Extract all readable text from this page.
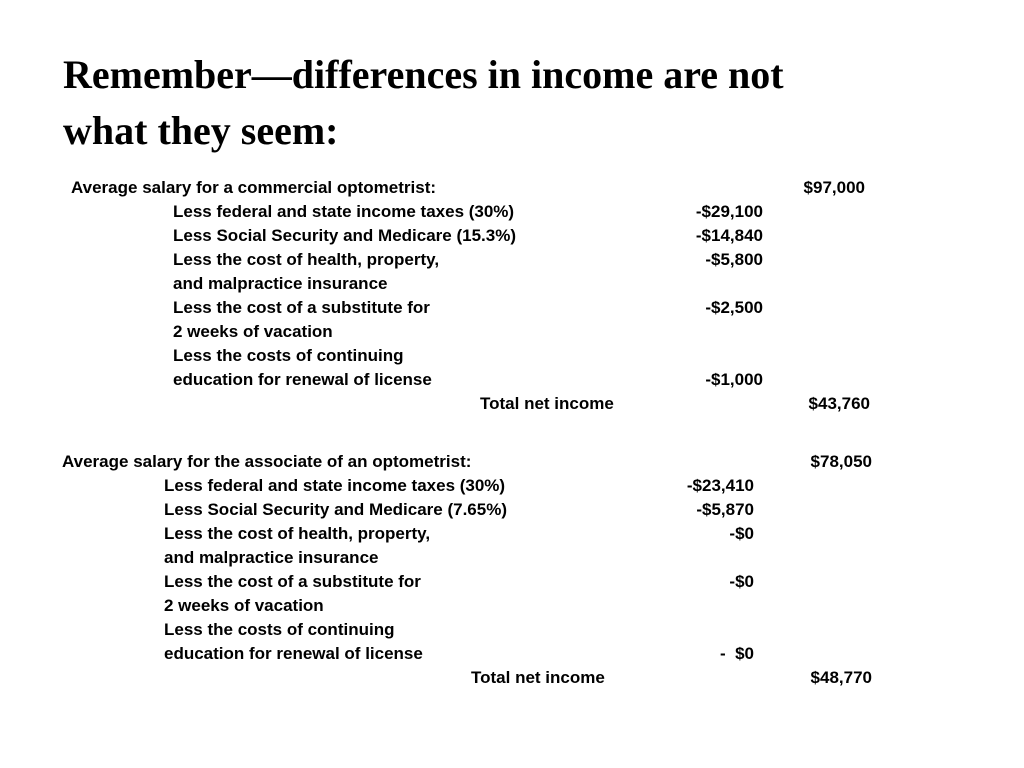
Remember—differences in income are not
what they seem:
Average salary for a commercial optometrist:	$97,000
Less federal and state income taxes (30%)	-$29,100
Less Social Security and Medicare (15.3%)	-$14,840
Less the cost of health, property,	-$5,800
and malpractice insurance
Less the cost of a substitute for	-$2,500
2 weeks of vacation
Less the costs of continuing
education for renewal of license	-$1,000
Total net income	$43,760
Average salary for the associate of an optometrist:	$78,050
Less federal and state income taxes (30%)	-$23,410
Less Social Security and Medicare (7.65%)	-$5,870
Less the cost of health, property,	-$0
and malpractice insurance
Less the cost of a substitute for	-$0
2 weeks of vacation
Less the costs of continuing
education for renewal of license	-  $0
Total net income	$48,770
